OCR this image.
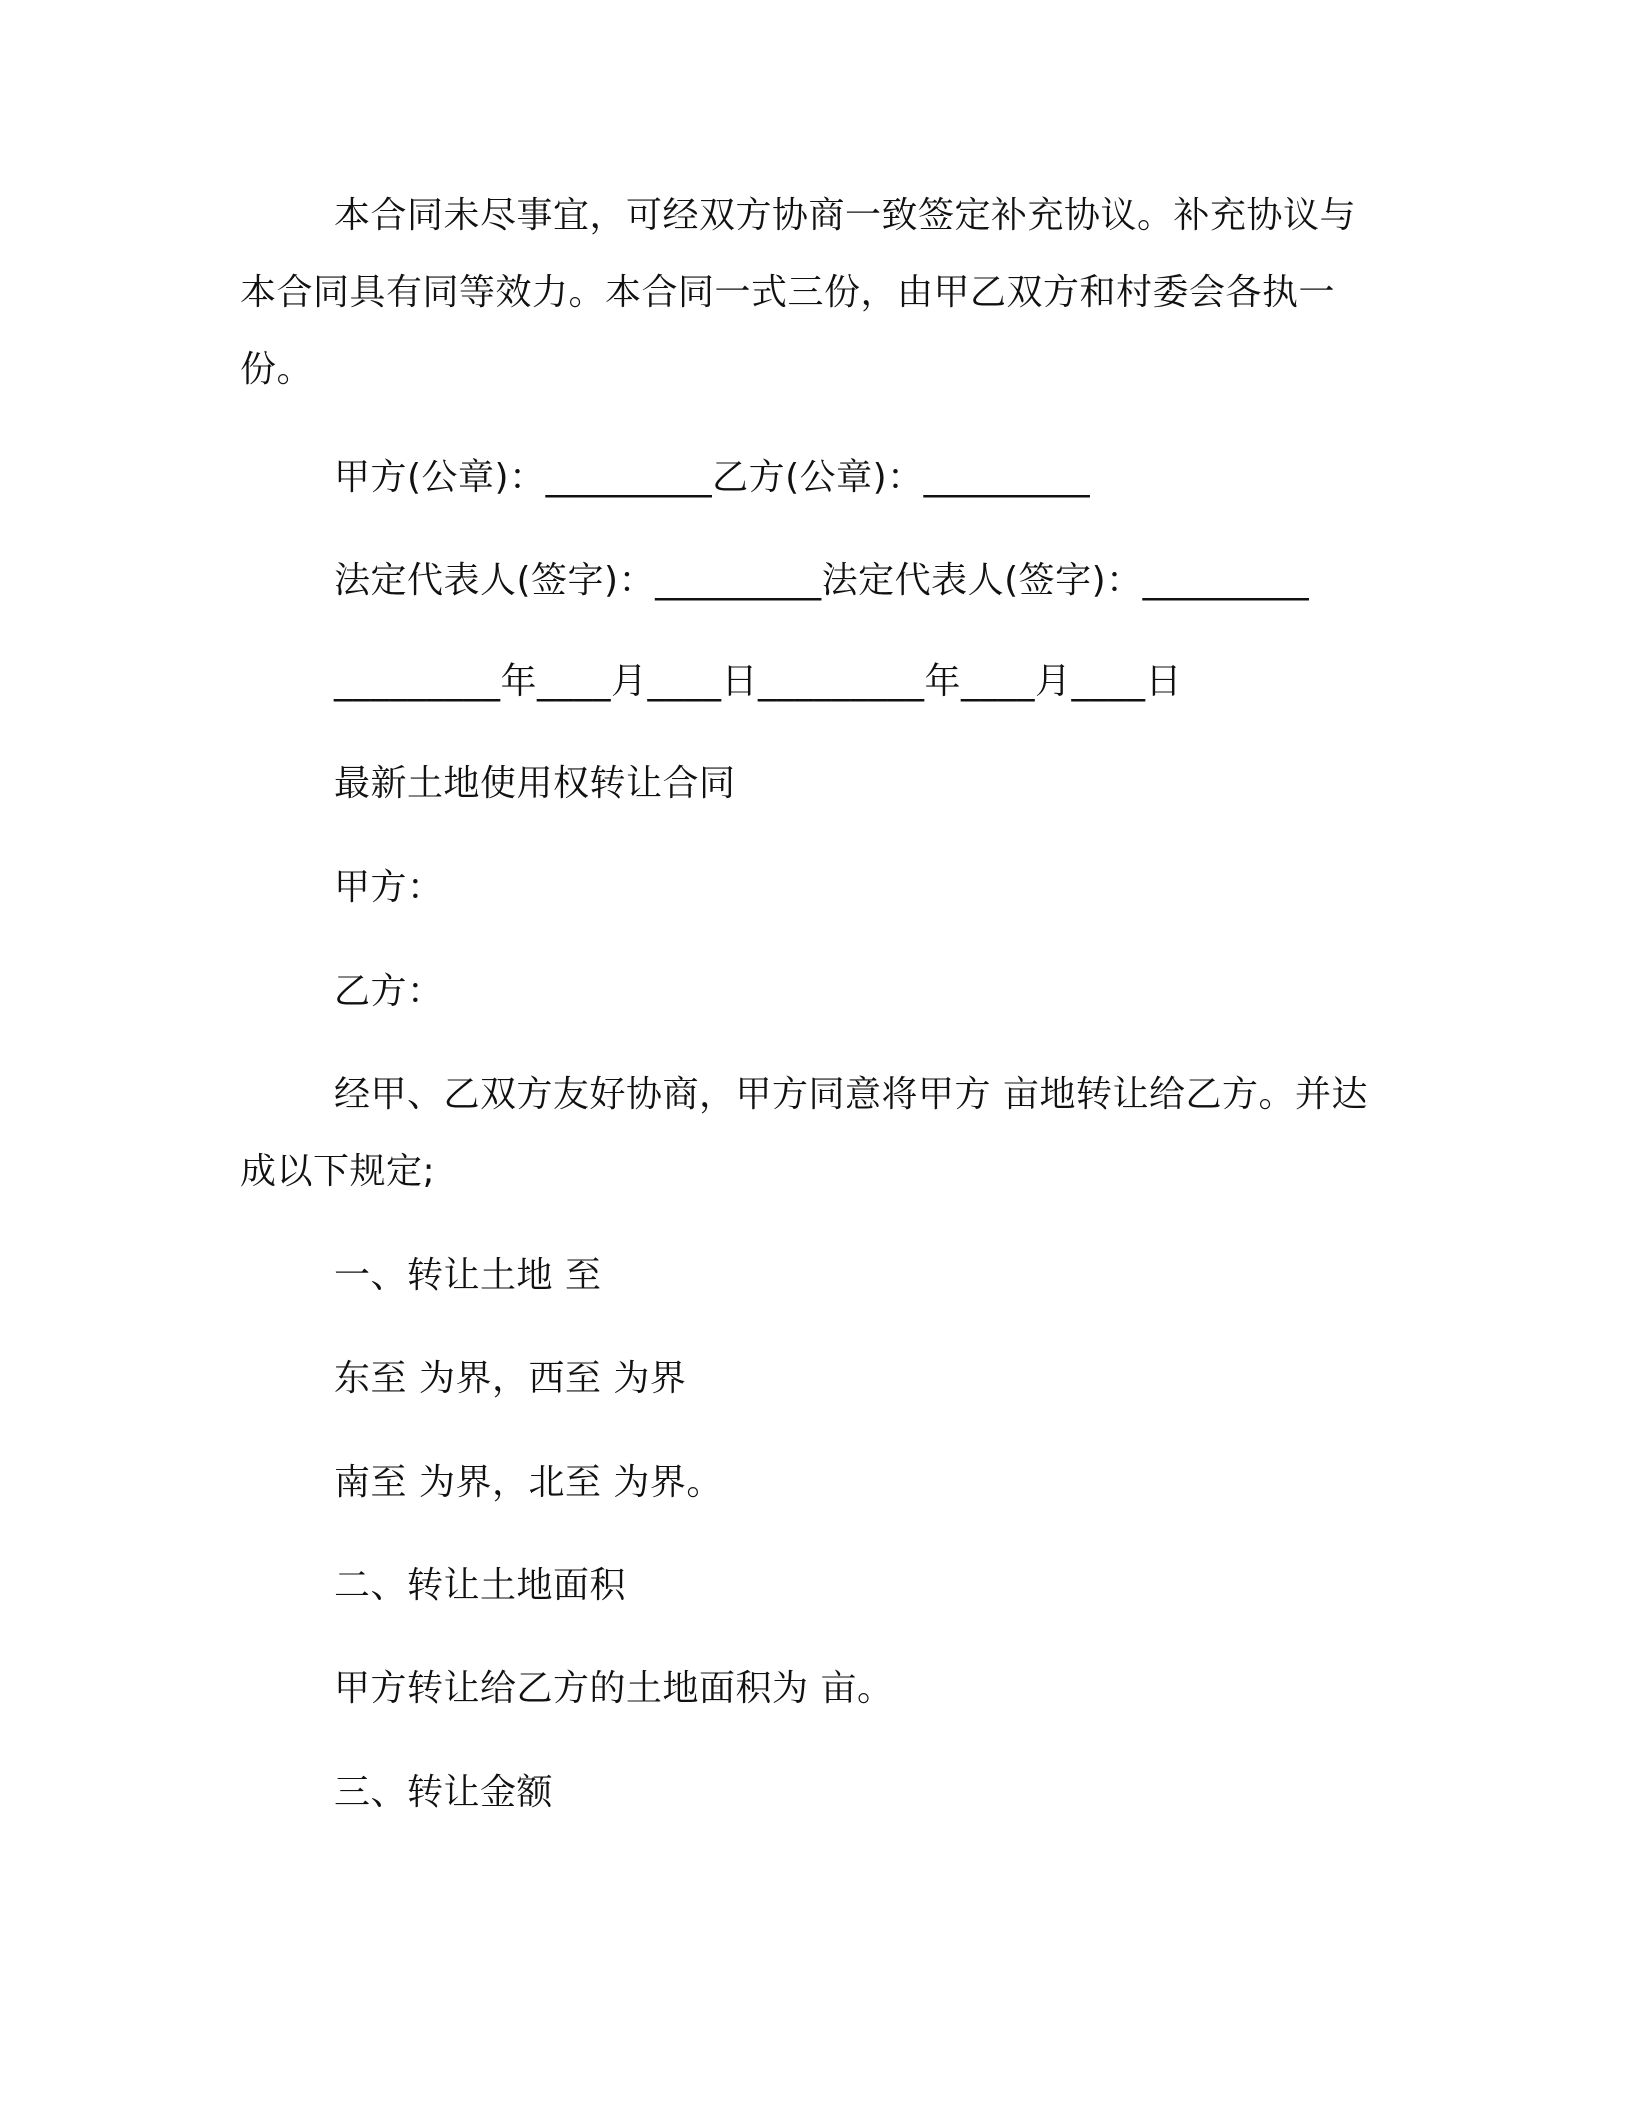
本合同未尽事宜，可经双方协商一致签定补充协议。补充协议与
本合同具有同等效力。本合同一式三份，由甲乙双方和村委会各执一
份。
甲方(公章)：_________乙方(公章)：_________
法定代表人(签字)：_________法定代表人(签字)：_________
_________年____月____日_________年____月____日
最新土地使用权转让合同
甲方：
乙方：
经甲、乙双方友好协商，甲方同意将甲方 亩地转让给乙方。并达
成以下规定;
一、转让土地 至
东至 为界，西至 为界
南至 为界，北至 为界。
二、转让土地面积
甲方转让给乙方的土地面积为 亩。
三、转让金额
